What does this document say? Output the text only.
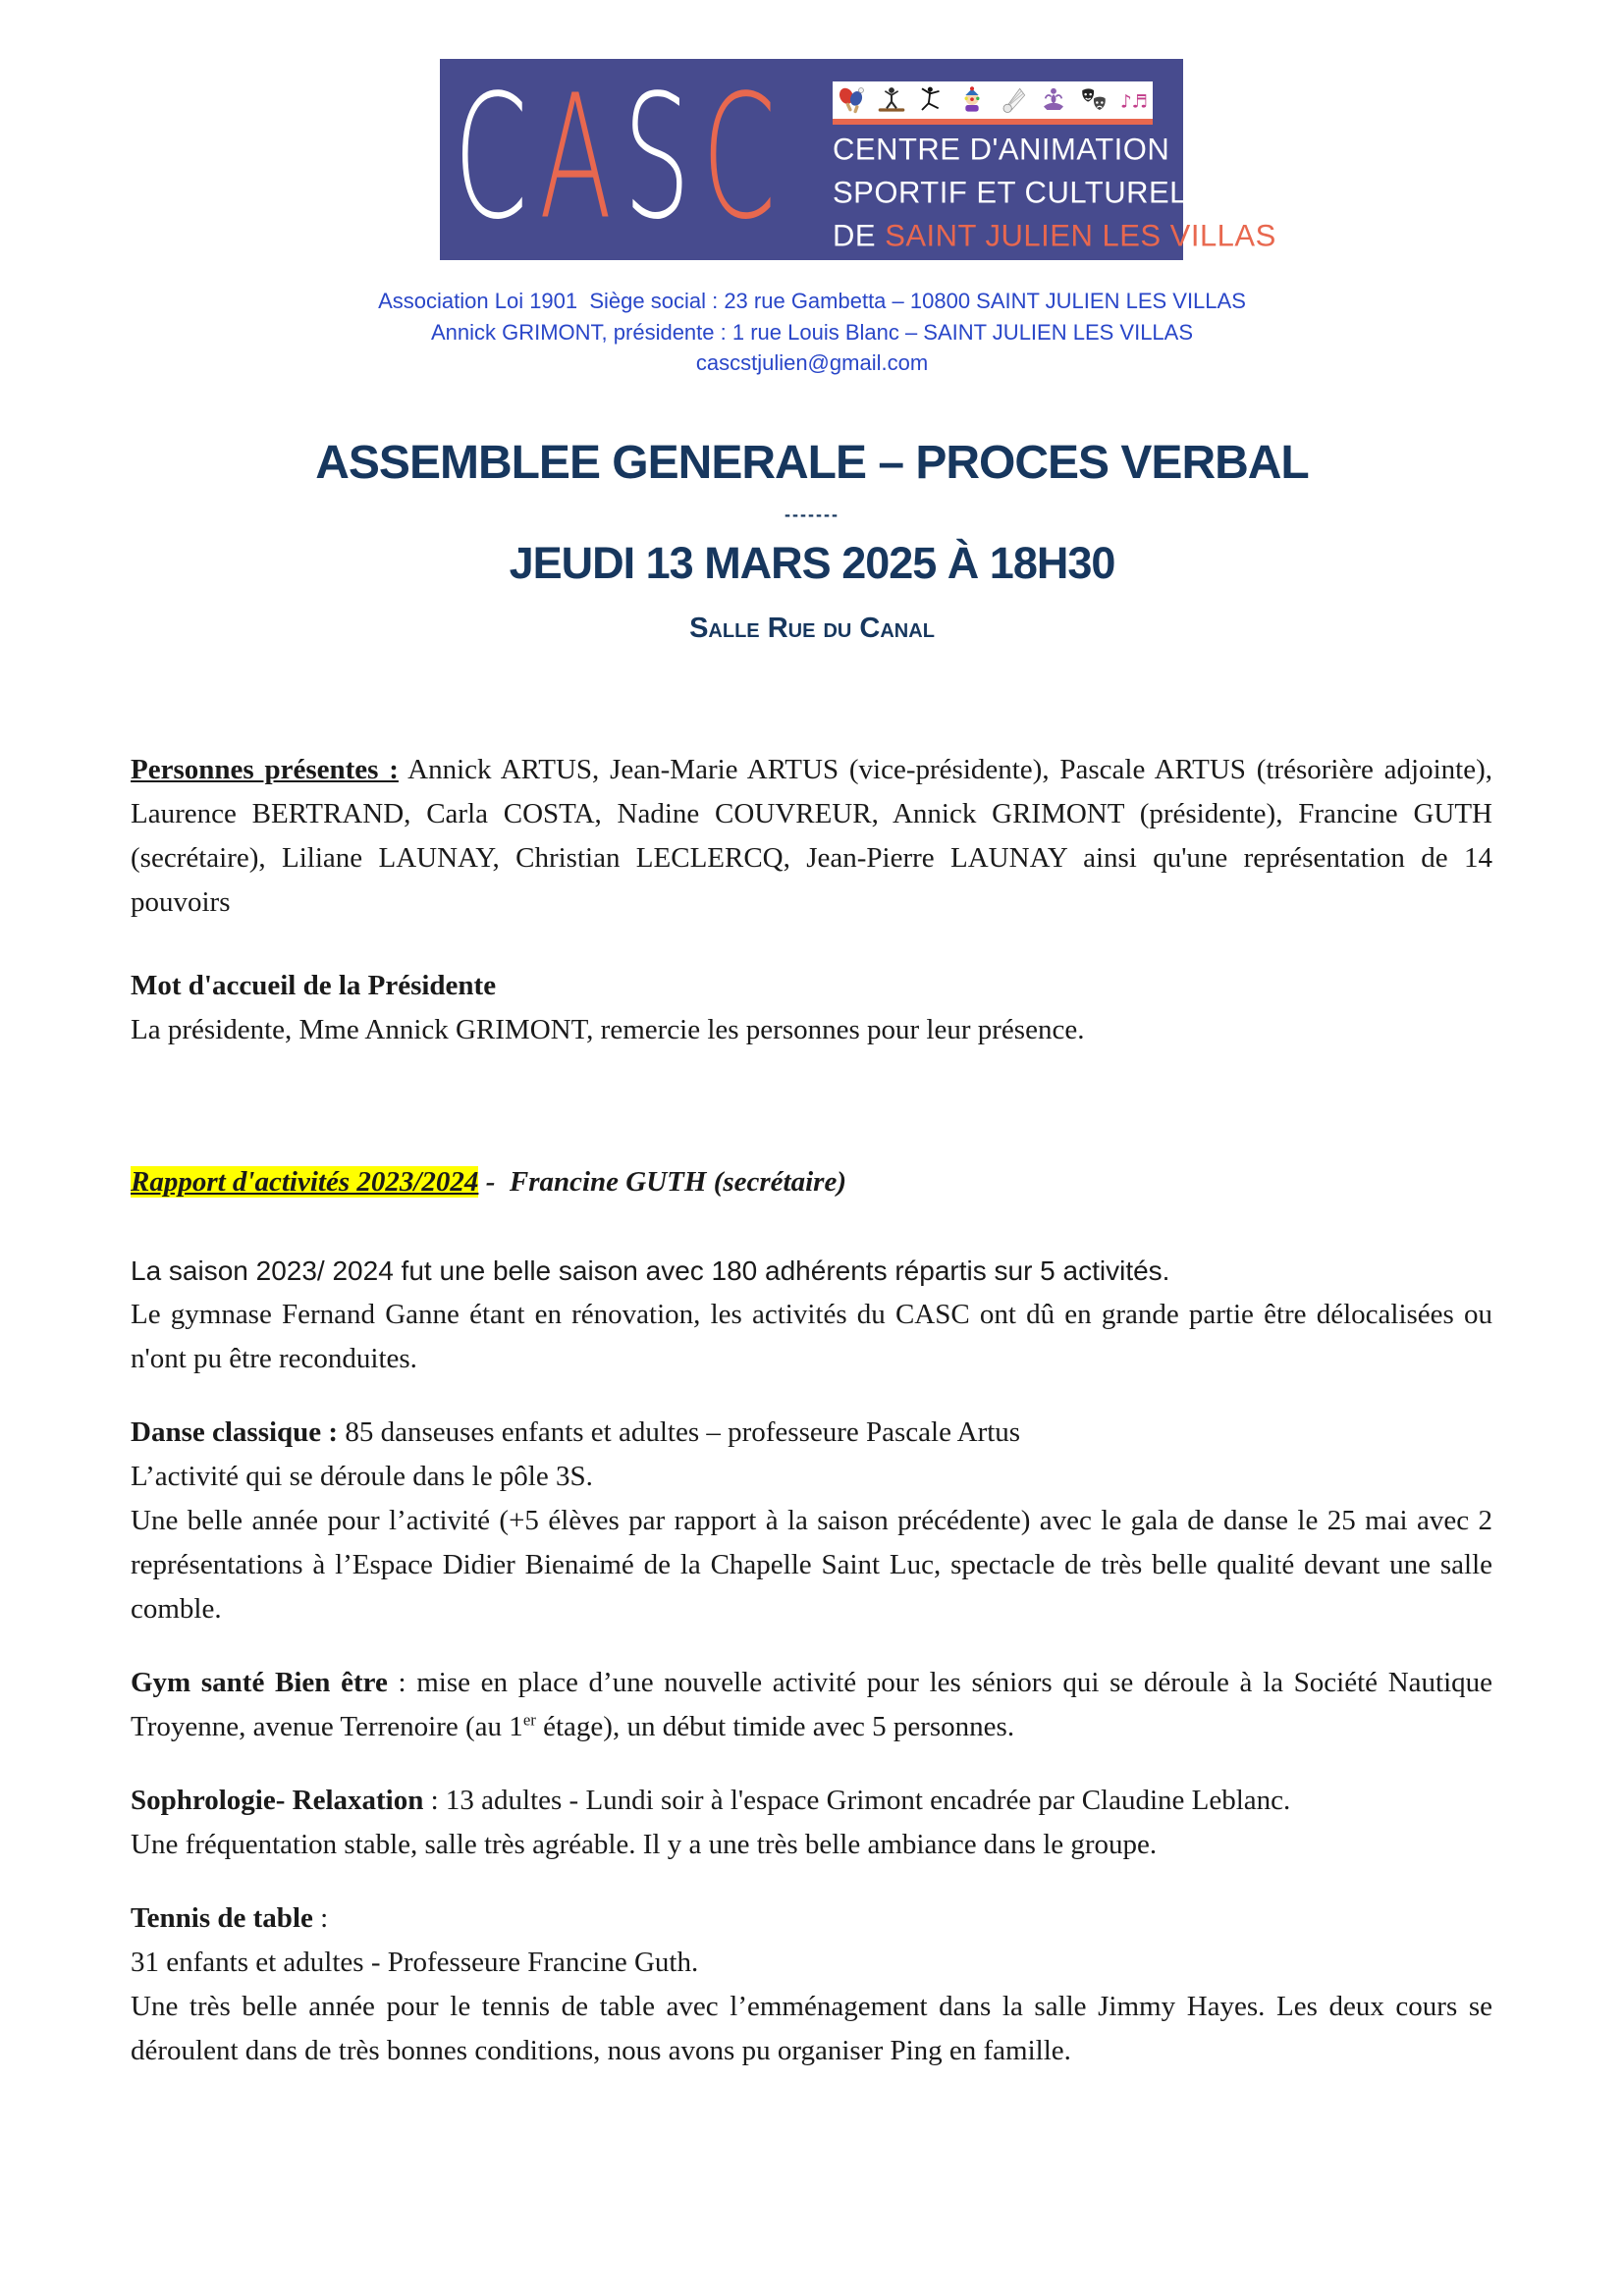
C A S C	♪♬
CENTRE D'ANIMATION
SPORTIF ET CULTUREL
DE SAINT JULIEN LES VILLAS
Association Loi 1901  Siège social : 23 rue Gambetta – 10800 SAINT JULIEN LES VILLAS
Annick GRIMONT, présidente : 1 rue Louis Blanc – SAINT JULIEN LES VILLAS
cascstjulien@gmail.com
ASSEMBLEE GENERALE – PROCES VERBAL
-------
JEUDI 13 MARS 2025 À 18H30
Salle Rue du Canal
Personnes présentes : Annick ARTUS, Jean-Marie ARTUS (vice-présidente), Pascale ARTUS (trésorière adjointe), Laurence BERTRAND, Carla COSTA, Nadine COUVREUR, Annick GRIMONT (présidente), Francine GUTH (secrétaire), Liliane LAUNAY, Christian LECLERCQ, Jean-Pierre LAUNAY ainsi qu'une représentation de 14 pouvoirs
Mot d'accueil de la Présidente
La présidente, Mme Annick GRIMONT, remercie les personnes pour leur présence.
Rapport d'activités 2023/2024 -  Francine GUTH (secrétaire)
La saison 2023/ 2024 fut une belle saison avec 180 adhérents répartis sur 5 activités.
Le gymnase Fernand Ganne étant en rénovation, les activités du CASC ont dû en grande partie être délocalisées ou n'ont pu être reconduites.
Danse classique : 85 danseuses enfants et adultes – professeure Pascale Artus
L’activité qui se déroule dans le pôle 3S.
Une belle année pour l’activité (+5 élèves par rapport à la saison précédente) avec le gala de danse le 25 mai avec 2 représentations à l’Espace Didier Bienaimé de la Chapelle Saint Luc, spectacle de très belle qualité devant une salle comble.
Gym santé Bien être : mise en place d’une nouvelle activité pour les séniors qui se déroule à la Société Nautique Troyenne, avenue Terrenoire (au 1er étage), un début timide avec 5 personnes.
Sophrologie- Relaxation : 13 adultes - Lundi soir à l'espace Grimont encadrée par Claudine Leblanc.
Une fréquentation stable, salle très agréable. Il y a une très belle ambiance dans le groupe.
Tennis de table :
31 enfants et adultes - Professeure Francine Guth.
Une très belle année pour le tennis de table avec l’emménagement dans la salle Jimmy Hayes. Les deux cours se déroulent dans de très bonnes conditions, nous avons pu organiser Ping en famille.
